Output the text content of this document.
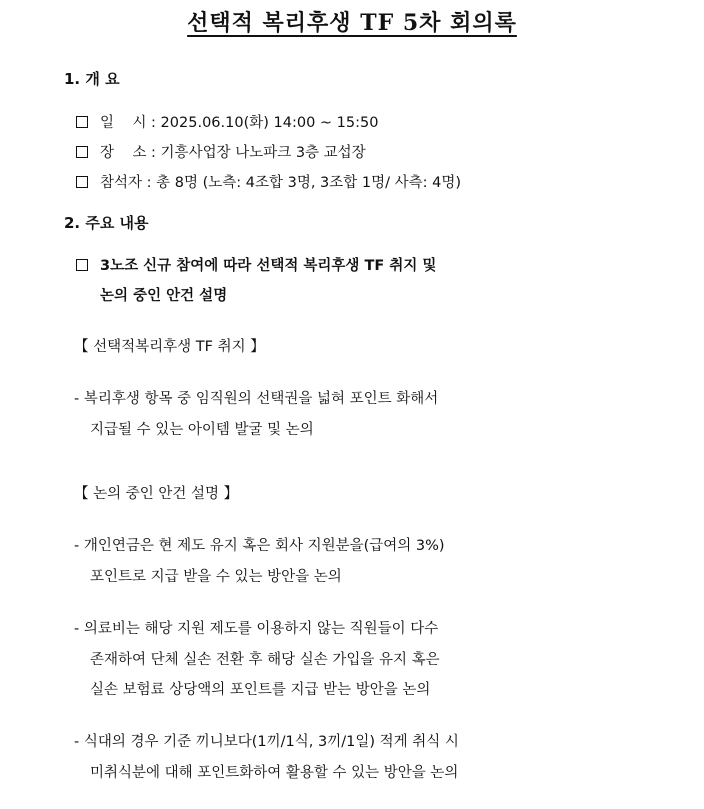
선택적 복리후생 TF 5차 회의록
1. 개 요
일    시 : 2025.06.10(화) 14:00 ~ 15:50
장    소 : 기흥사업장 나노파크 3층 교섭장
참석자 : 총 8명 (노측: 4조합 3명, 3조합 1명/ 사측: 4명)
2. 주요 내용
3노조 신규 참여에 따라 선택적 복리후생 TF 취지 및
논의 중인 안건 설명
【 선택적복리후생 TF 취지 】
- 복리후생 항목 중 임직원의 선택권을 넓혀 포인트 화해서
지급될 수 있는 아이템 발굴 및 논의
【 논의 중인 안건 설명 】
- 개인연금은 현 제도 유지 혹은 회사 지원분을(급여의 3%)
포인트로 지급 받을 수 있는 방안을 논의
- 의료비는 해당 지원 제도를 이용하지 않는 직원들이 다수
존재하여 단체 실손 전환 후 해당 실손 가입을 유지 혹은
실손 보험료 상당액의 포인트를 지급 받는 방안을 논의
- 식대의 경우 기준 끼니보다(1끼/1식, 3끼/1일) 적게 취식 시
미취식분에 대해 포인트화하여 활용할 수 있는 방안을 논의
